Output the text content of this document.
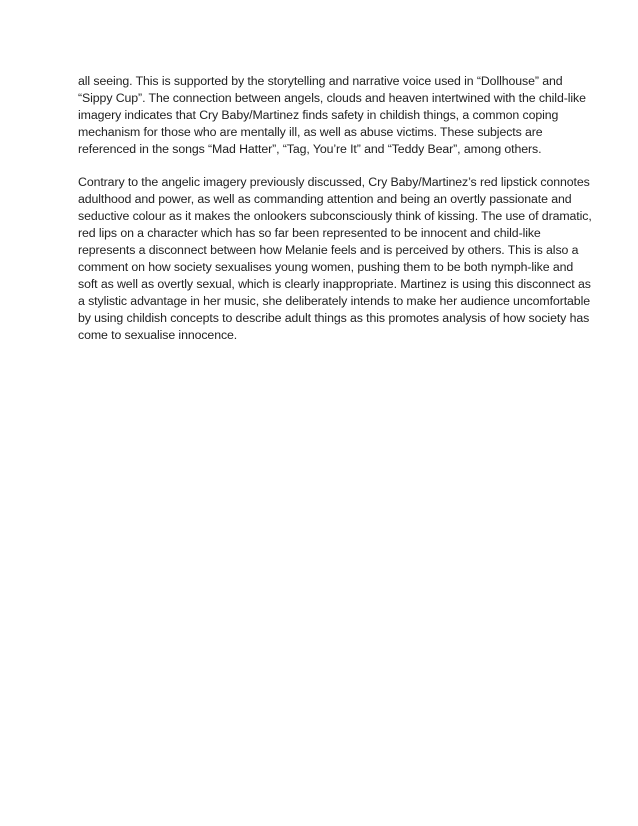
all seeing. This is supported by the storytelling and narrative voice used in “Dollhouse” and
“Sippy Cup”. The connection between angels, clouds and heaven intertwined with the child-like
imagery indicates that Cry Baby/Martinez finds safety in childish things, a common coping
mechanism for those who are mentally ill, as well as abuse victims. These subjects are
referenced in the songs “Mad Hatter”, “Tag, You’re It” and “Teddy Bear”, among others.

Contrary to the angelic imagery previously discussed, Cry Baby/Martinez’s red lipstick connotes
adulthood and power, as well as commanding attention and being an overtly passionate and
seductive colour as it makes the onlookers subconsciously think of kissing. The use of dramatic,
red lips on a character which has so far been represented to be innocent and child-like
represents a disconnect between how Melanie feels and is perceived by others. This is also a
comment on how society sexualises young women, pushing them to be both nymph-like and
soft as well as overtly sexual, which is clearly inappropriate. Martinez is using this disconnect as
a stylistic advantage in her music, she deliberately intends to make her audience uncomfortable
by using childish concepts to describe adult things as this promotes analysis of how society has
come to sexualise innocence.
